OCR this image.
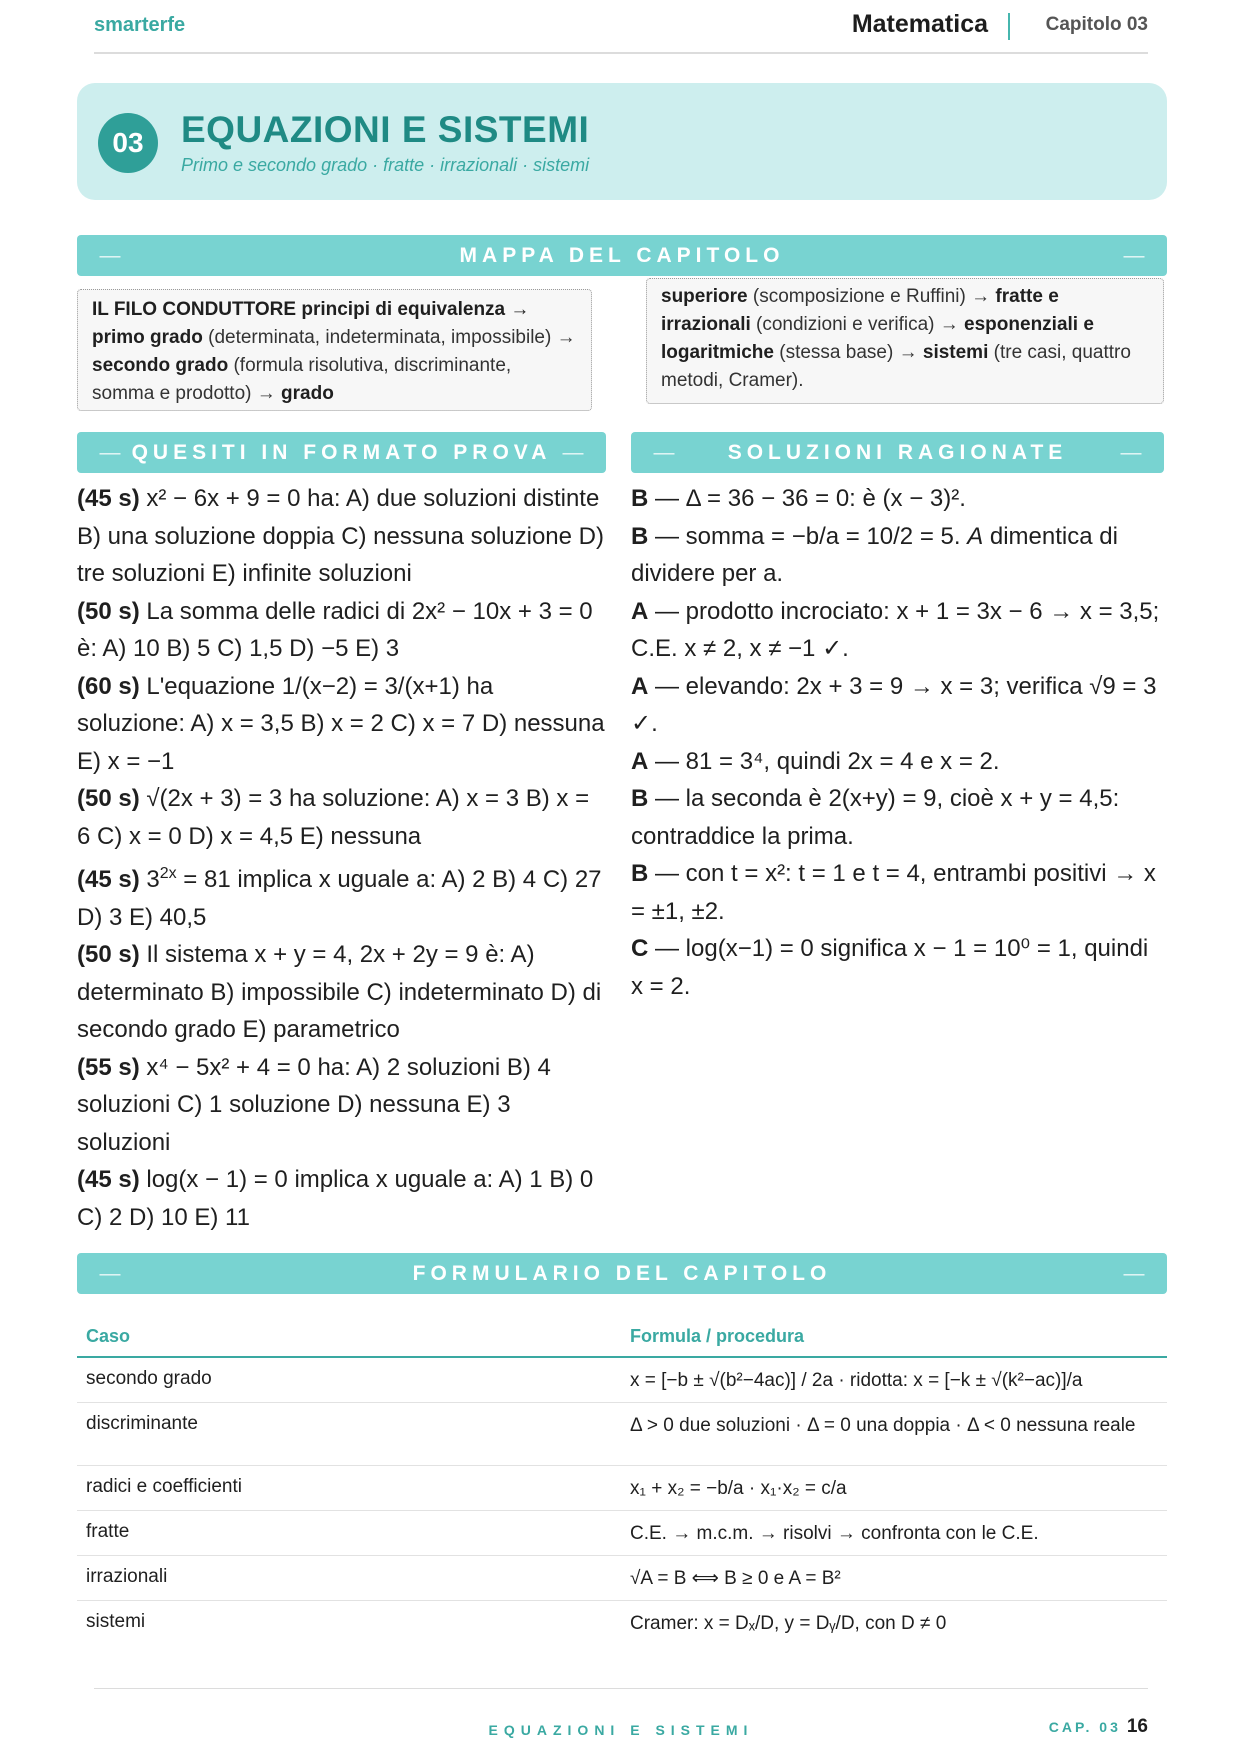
smarterfe	Matematica	Capitolo 03
03	EQUAZIONI E SISTEMI
Primo e secondo grado · fratte · irrazionali · sistemi
—	MAPPA DEL CAPITOLO	—
IL FILO CONDUTTORE principi di equivalenza → primo grado (determinata, indeterminata, impossibile) → secondo grado (formula risolutiva, discriminante, somma e prodotto) → grado
superiore (scomposizione e Ruffini) → fratte e irrazionali (condizioni e verifica) → esponenziali e logaritmiche (stessa base) → sistemi (tre casi, quattro metodi, Cramer).
— QUESITI IN FORMATO PROVA —	—	SOLUZIONI RAGIONATE	—
(45 s) x² − 6x + 9 = 0 ha: A) due soluzioni distinte B) una soluzione doppia C) nessuna soluzione D) tre soluzioni E) infinite soluzioni
(50 s) La somma delle radici di 2x² − 10x + 3 = 0 è: A) 10 B) 5 C) 1,5 D) −5 E) 3
(60 s) L'equazione 1/(x−2) = 3/(x+1) ha soluzione: A) x = 3,5 B) x = 2 C) x = 7 D) nessuna E) x = −1
(50 s) √(2x + 3) = 3 ha soluzione: A) x = 3 B) x = 6 C) x = 0 D) x = 4,5 E) nessuna
(45 s) $3^{2x} = 81$ implica x uguale a: A) 2 B) 4 C) 27 D) 3 E) 40,5
(50 s) Il sistema x + y = 4, 2x + 2y = 9 è: A) determinato B) impossibile C) indeterminato D) di secondo grado E) parametrico
(55 s) x⁴ − 5x² + 4 = 0 ha: A) 2 soluzioni B) 4 soluzioni C) 1 soluzione D) nessuna E) 3 soluzioni
(45 s) log(x − 1) = 0 implica x uguale a: A) 1 B) 0 C) 2 D) 10 E) 11
B — Δ = 36 − 36 = 0: è (x − 3)².
B — somma = −b/a = 10/2 = 5. A dimentica di dividere per a.
A — prodotto incrociato: x + 1 = 3x − 6 → x = 3,5; C.E. x ≠ 2, x ≠ −1 ✓.
A — elevando: 2x + 3 = 9 → x = 3; verifica √9 = 3 ✓.
A — 81 = 3⁴, quindi 2x = 4 e x = 2.
B — la seconda è 2(x+y) = 9, cioè x + y = 4,5: contraddice la prima.
B — con t = x²: t = 1 e t = 4, entrambi positivi → x = ±1, ±2.
C — log(x−1) = 0 significa x − 1 = 10⁰ = 1, quindi x = 2.
—	FORMULARIO DEL CAPITOLO	—
Caso	Formula / procedura
secondo grado	x = [−b ± √(b²−4ac)] / 2a · ridotta: x = [−k ± √(k²−ac)]/a
discriminante	Δ > 0 due soluzioni · Δ = 0 una doppia · Δ < 0 nessuna reale
radici e coefficienti	x₁ + x₂ = −b/a · x₁·x₂ = c/a
fratte	C.E. → m.c.m. → risolvi → confronta con le C.E.
irrazionali	√A = B ⟺ B ≥ 0 e A = B²
sistemi	Cramer: x = Dₓ/D, y = Dᵧ/D, con D ≠ 0
EQUAZIONI E SISTEMI	CAP. 03 16
